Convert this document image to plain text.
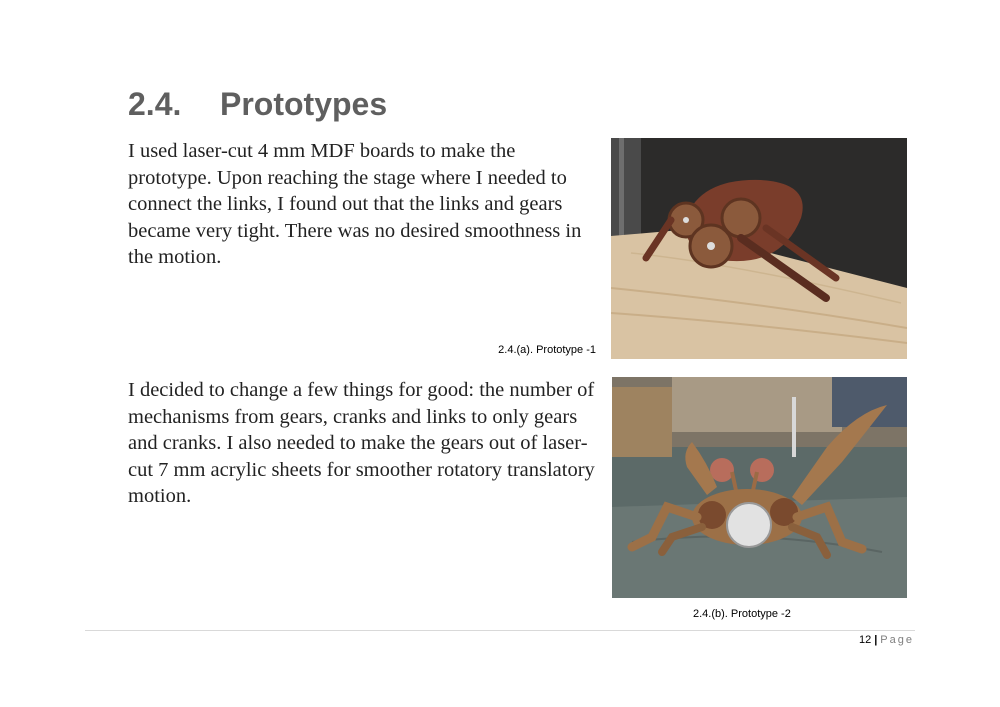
2.4. Prototypes

I used laser-cut 4 mm MDF boards to make the prototype. Upon reaching the stage where I needed to connect the links, I found out that the links and gears became very tight. There was no desired smoothness in the motion.

2.4.(a). Prototype -1

I decided to change a few things for good: the number of mechanisms from gears, cranks and links to only gears and cranks. I also needed to make the gears out of laser-cut 7 mm acrylic sheets for smoother rotatory translatory motion.

2.4.(b). Prototype -2
12 | Page
